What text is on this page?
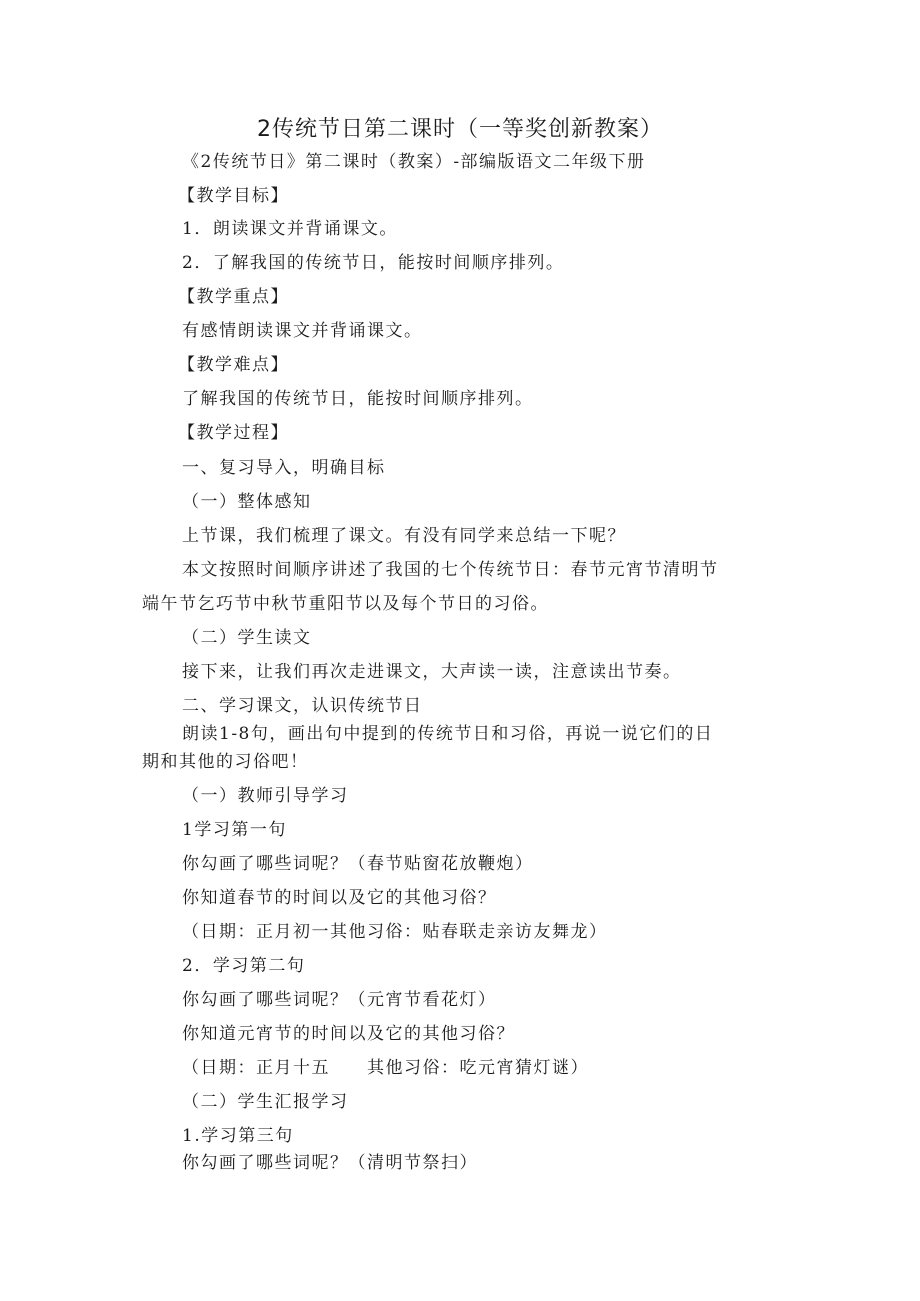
2传统节日第二课时（一等奖创新教案）
《2传统节日》第二课时（教案）-部编版语文二年级下册
【教学目标】
1．朗读课文并背诵课文。
2．了解我国的传统节日，能按时间顺序排列。
【教学重点】
有感情朗读课文并背诵课文。
【教学难点】
了解我国的传统节日，能按时间顺序排列。
【教学过程】
一、复习导入，明确目标
（一）整体感知
上节课，我们梳理了课文。有没有同学来总结一下呢？
本文按照时间顺序讲述了我国的七个传统节日：春节元宵节清明节
端午节乞巧节中秋节重阳节以及每个节日的习俗。
（二）学生读文
接下来，让我们再次走进课文，大声读一读，注意读出节奏。
二、学习课文，认识传统节日
朗读1-8句，画出句中提到的传统节日和习俗，再说一说它们的日
期和其他的习俗吧！
（一）教师引导学习
1学习第一句
你勾画了哪些词呢？（春节贴窗花放鞭炮）
你知道春节的时间以及它的其他习俗？
（日期：正月初一其他习俗：贴春联走亲访友舞龙）
2．学习第二句
你勾画了哪些词呢？（元宵节看花灯）
你知道元宵节的时间以及它的其他习俗？
（日期：正月十五　　其他习俗：吃元宵猜灯谜）
（二）学生汇报学习
1.学习第三句
你勾画了哪些词呢？（清明节祭扫）
